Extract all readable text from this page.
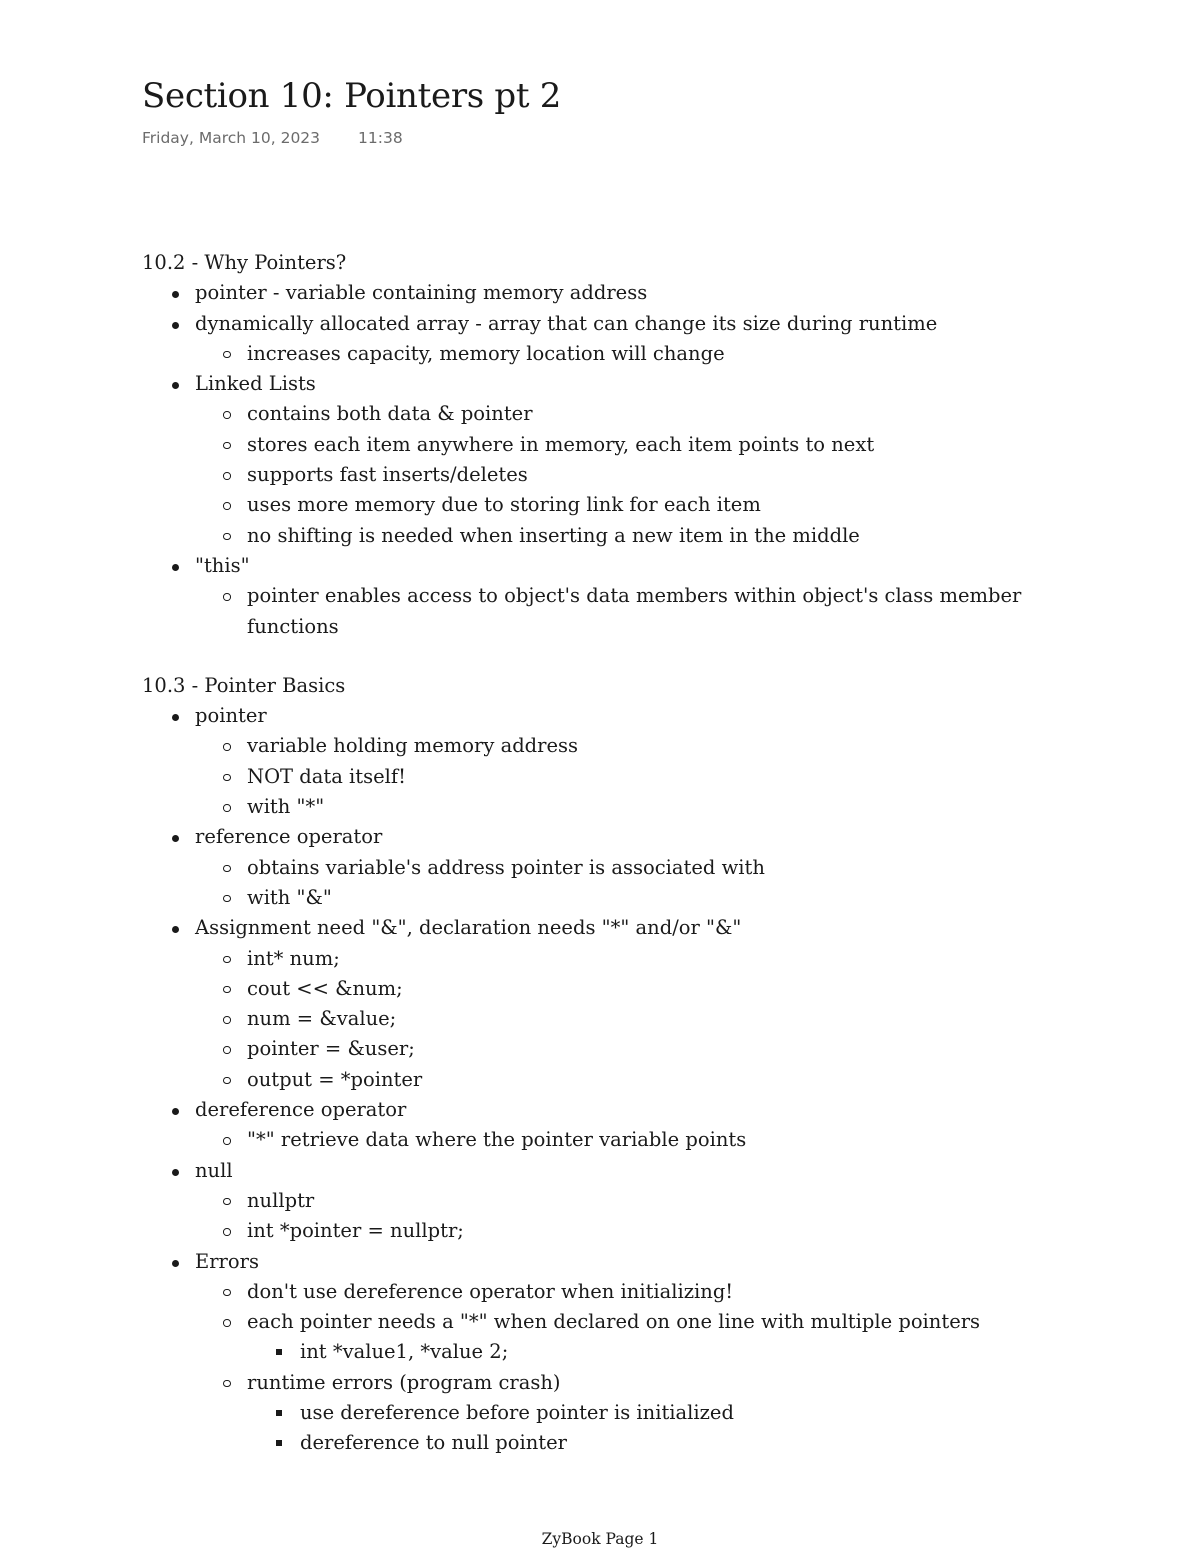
Section 10: Pointers pt 2
Friday, March 10, 2023 11:38
10.2 - Why Pointers?
pointer - variable containing memory address
dynamically allocated array - array that can change its size during runtime
increases capacity, memory location will change
Linked Lists
contains both data & pointer
stores each item anywhere in memory, each item points to next
supports fast inserts/deletes
uses more memory due to storing link for each item
no shifting is needed when inserting a new item in the middle
"this"
pointer enables access to object's data members within object's class member functions
10.3 - Pointer Basics
pointer
variable holding memory address
NOT data itself!
with "*"
reference operator
obtains variable's address pointer is associated with
with "&"
Assignment need "&", declaration needs "*" and/or "&"
int* num;
cout << &num;
num = &value;
pointer = &user;
output = *pointer
dereference operator
"*" retrieve data where the pointer variable points
null
nullptr
int *pointer = nullptr;
Errors
don't use dereference operator when initializing!
each pointer needs a "*" when declared on one line with multiple pointers
int *value1, *value 2;
runtime errors (program crash)
use dereference before pointer is initialized
dereference to null pointer
ZyBook Page 1
